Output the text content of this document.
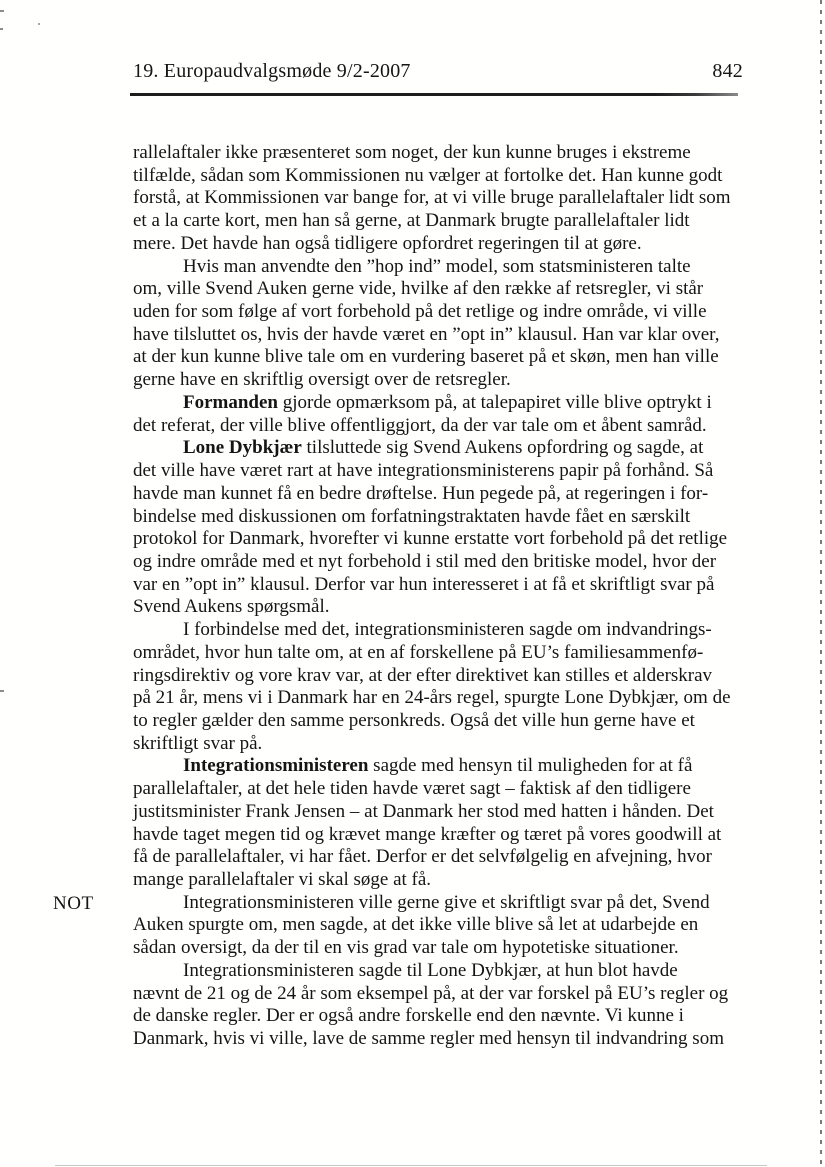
19. Europaudvalgsmøde 9/2-2007	842
rallelaftaler ikke præsenteret som noget, der kun kunne bruges i ekstreme
tilfælde, sådan som Kommissionen nu vælger at fortolke det. Han kunne godt
forstå, at Kommissionen var bange for, at vi ville bruge parallelaftaler lidt som
et a la carte kort, men han så gerne, at Danmark brugte parallelaftaler lidt
mere. Det havde han også tidligere opfordret regeringen til at gøre.
Hvis man anvendte den ”hop ind” model, som statsministeren talte
om, ville Svend Auken gerne vide, hvilke af den række af retsregler, vi står
uden for som følge af vort forbehold på det retlige og indre område, vi ville
have tilsluttet os, hvis der havde været en ”opt in” klausul. Han var klar over,
at der kun kunne blive tale om en vurdering baseret på et skøn, men han ville
gerne have en skriftlig oversigt over de retsregler.
Formanden gjorde opmærksom på, at talepapiret ville blive optrykt i
det referat, der ville blive offentliggjort, da der var tale om et åbent samråd.
Lone Dybkjær tilsluttede sig Svend Aukens opfordring og sagde, at
det ville have været rart at have integrationsministerens papir på forhånd. Så
havde man kunnet få en bedre drøftelse. Hun pegede på, at regeringen i for-
bindelse med diskussionen om forfatningstraktaten havde fået en særskilt
protokol for Danmark, hvorefter vi kunne erstatte vort forbehold på det retlige
og indre område med et nyt forbehold i stil med den britiske model, hvor der
var en ”opt in” klausul. Derfor var hun interesseret i at få et skriftligt svar på
Svend Aukens spørgsmål.
I forbindelse med det, integrationsministeren sagde om indvandrings-
området, hvor hun talte om, at en af forskellene på EU’s familiesammenfø-
ringsdirektiv og vore krav var, at der efter direktivet kan stilles et alderskrav
på 21 år, mens vi i Danmark har en 24-års regel, spurgte Lone Dybkjær, om de
to regler gælder den samme personkreds. Også det ville hun gerne have et
skriftligt svar på.
Integrationsministeren sagde med hensyn til muligheden for at få
parallelaftaler, at det hele tiden havde været sagt – faktisk af den tidligere
justitsminister Frank Jensen – at Danmark her stod med hatten i hånden. Det
havde taget megen tid og krævet mange kræfter og tæret på vores goodwill at
få de parallelaftaler, vi har fået. Derfor er det selvfølgelig en afvejning, hvor
mange parallelaftaler vi skal søge at få.
NOT	Integrationsministeren ville gerne give et skriftligt svar på det, Svend
Auken spurgte om, men sagde, at det ikke ville blive så let at udarbejde en
sådan oversigt, da der til en vis grad var tale om hypotetiske situationer.
Integrationsministeren sagde til Lone Dybkjær, at hun blot havde
nævnt de 21 og de 24 år som eksempel på, at der var forskel på EU’s regler og
de danske regler. Der er også andre forskelle end den nævnte. Vi kunne i
Danmark, hvis vi ville, lave de samme regler med hensyn til indvandring som
